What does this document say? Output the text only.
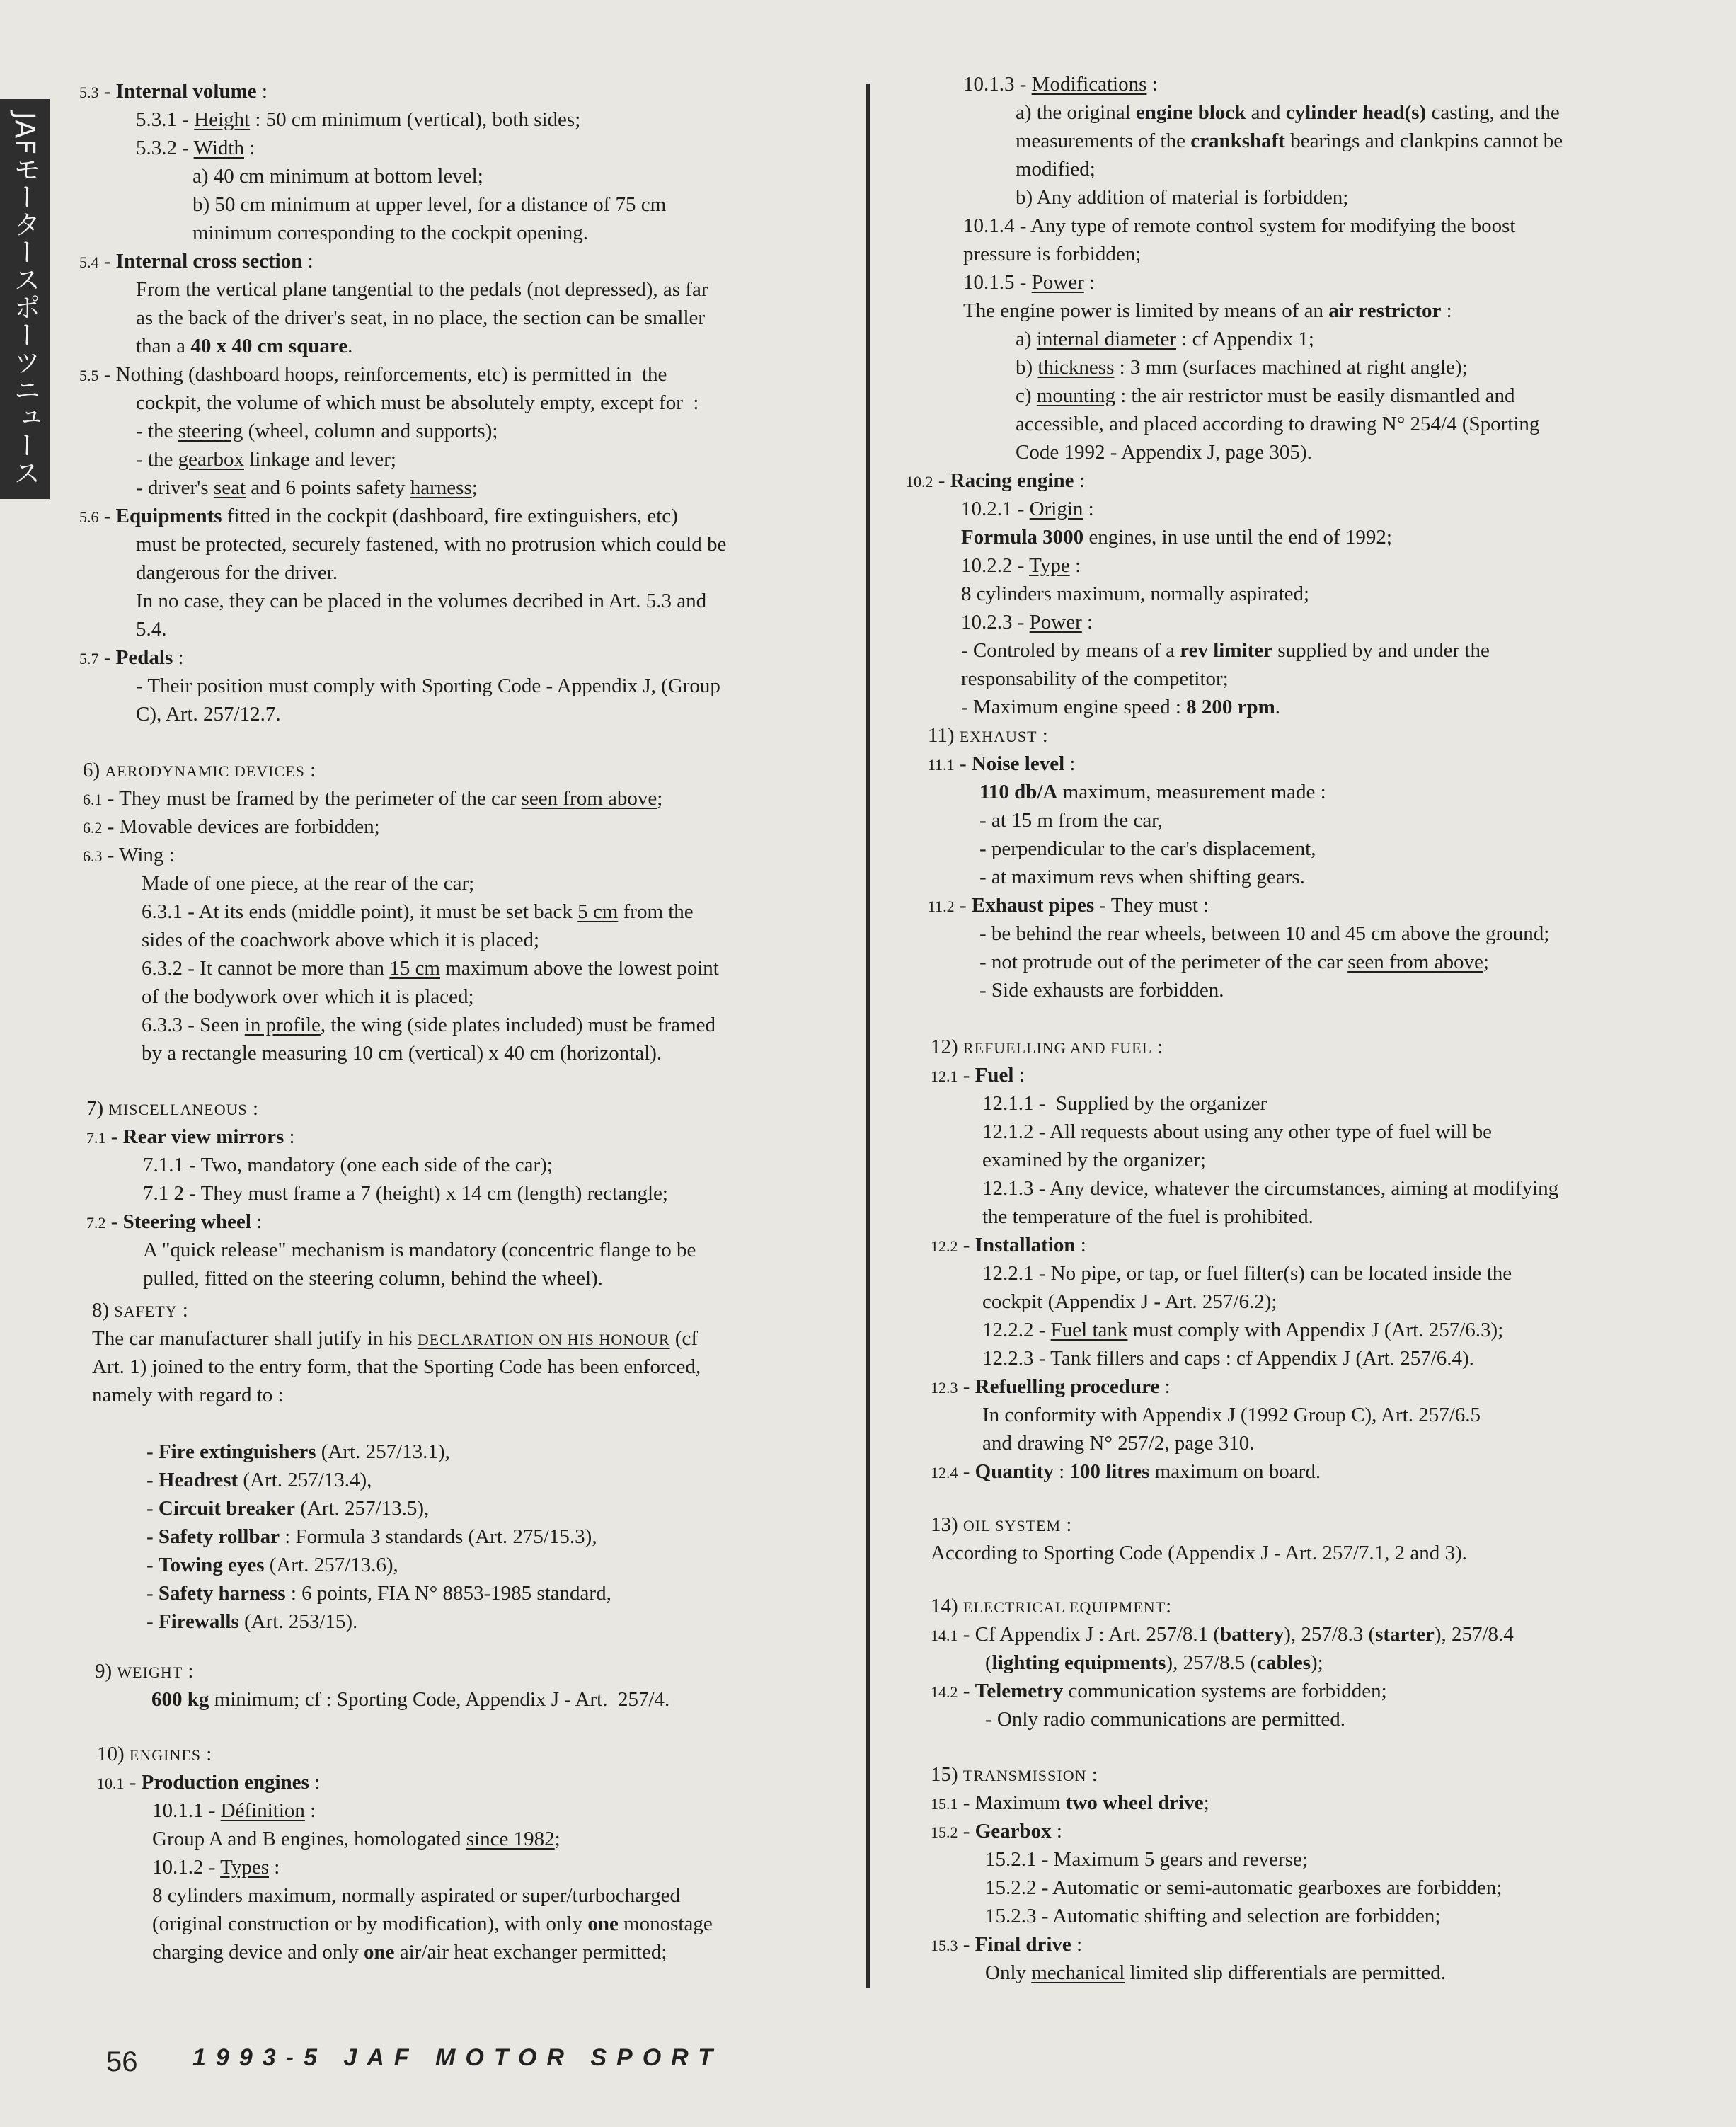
JAFモータースポーツニュース
5.3 - Internal volume :
5.3.1 - Height : 50 cm minimum (vertical), both sides;
5.3.2 - Width :
a) 40 cm minimum at bottom level;
b) 50 cm minimum at upper level, for a distance of 75 cm
minimum corresponding to the cockpit opening.
5.4 - Internal cross section :
From the vertical plane tangential to the pedals (not depressed), as far
as the back of the driver's seat, in no place, the section can be smaller
than a 40 x 40 cm square.
5.5 - Nothing (dashboard hoops, reinforcements, etc) is permitted in  the
cockpit, the volume of which must be absolutely empty, except for  :
- the steering (wheel, column and supports);
- the gearbox linkage and lever;
- driver's seat and 6 points safety harness;
5.6 - Equipments fitted in the cockpit (dashboard, fire extinguishers, etc)
must be protected, securely fastened, with no protrusion which could be
dangerous for the driver.
In no case, they can be placed in the volumes decribed in Art. 5.3 and
5.4.
5.7 - Pedals :
- Their position must comply with Sporting Code - Appendix J, (Group
C), Art. 257/12.7.
6) AERODYNAMIC DEVICES :
6.1 - They must be framed by the perimeter of the car seen from above;
6.2 - Movable devices are forbidden;
6.3 - Wing :
Made of one piece, at the rear of the car;
6.3.1 - At its ends (middle point), it must be set back 5 cm from the
sides of the coachwork above which it is placed;
6.3.2 - It cannot be more than 15 cm maximum above the lowest point
of the bodywork over which it is placed;
6.3.3 - Seen in profile, the wing (side plates included) must be framed
by a rectangle measuring 10 cm (vertical) x 40 cm (horizontal).
7) MISCELLANEOUS :
7.1 - Rear view mirrors :
7.1.1 - Two, mandatory (one each side of the car);
7.1 2 - They must frame a 7 (height) x 14 cm (length) rectangle;
7.2 - Steering wheel :
A "quick release" mechanism is mandatory (concentric flange to be
pulled, fitted on the steering column, behind the wheel).
8) SAFETY :
The car manufacturer shall jutify in his DECLARATION ON HIS HONOUR (cf
Art. 1) joined to the entry form, that the Sporting Code has been enforced,
namely with regard to :
- Fire extinguishers (Art. 257/13.1),
- Headrest (Art. 257/13.4),
- Circuit breaker (Art. 257/13.5),
- Safety rollbar : Formula 3 standards (Art. 275/15.3),
- Towing eyes (Art. 257/13.6),
- Safety harness : 6 points, FIA N° 8853-1985 standard,
- Firewalls (Art. 253/15).
9) WEIGHT :
600 kg minimum; cf : Sporting Code, Appendix J - Art.  257/4.
10) ENGINES :
10.1 - Production engines :
10.1.1 - Définition :
Group A and B engines, homologated since 1982;
10.1.2 - Types :
8 cylinders maximum, normally aspirated or super/turbocharged
(original construction or by modification), with only one monostage
charging device and only one air/air heat exchanger permitted;
10.1.3 - Modifications :
a) the original engine block and cylinder head(s) casting, and the
measurements of the crankshaft bearings and clankpins cannot be
modified;
b) Any addition of material is forbidden;
10.1.4 - Any type of remote control system for modifying the boost
pressure is forbidden;
10.1.5 - Power :
The engine power is limited by means of an air restrictor :
a) internal diameter : cf Appendix 1;
b) thickness : 3 mm (surfaces machined at right angle);
c) mounting : the air restrictor must be easily dismantled and
accessible, and placed according to drawing N° 254/4 (Sporting
Code 1992 - Appendix J, page 305).
10.2 - Racing engine :
10.2.1 - Origin :
Formula 3000 engines, in use until the end of 1992;
10.2.2 - Type :
8 cylinders maximum, normally aspirated;
10.2.3 - Power :
- Controled by means of a rev limiter supplied by and under the
responsability of the competitor;
- Maximum engine speed : 8 200 rpm.
11) EXHAUST :
11.1 - Noise level :
110 db/A maximum, measurement made :
- at 15 m from the car,
- perpendicular to the car's displacement,
- at maximum revs when shifting gears.
11.2 - Exhaust pipes - They must :
- be behind the rear wheels, between 10 and 45 cm above the ground;
- not protrude out of the perimeter of the car seen from above;
- Side exhausts are forbidden.
12) REFUELLING AND FUEL :
12.1 - Fuel :
12.1.1 -  Supplied by the organizer
12.1.2 - All requests about using any other type of fuel will be
examined by the organizer;
12.1.3 - Any device, whatever the circumstances, aiming at modifying
the temperature of the fuel is prohibited.
12.2 - Installation :
12.2.1 - No pipe, or tap, or fuel filter(s) can be located inside the
cockpit (Appendix J - Art. 257/6.2);
12.2.2 - Fuel tank must comply with Appendix J (Art. 257/6.3);
12.2.3 - Tank fillers and caps : cf Appendix J (Art. 257/6.4).
12.3 - Refuelling procedure :
In conformity with Appendix J (1992 Group C), Art. 257/6.5
and drawing N° 257/2, page 310.
12.4 - Quantity : 100 litres maximum on board.
13) OIL SYSTEM :
According to Sporting Code (Appendix J - Art. 257/7.1, 2 and 3).
14) ELECTRICAL EQUIPMENT:
14.1 - Cf Appendix J : Art. 257/8.1 (battery), 257/8.3 (starter), 257/8.4
(lighting equipments), 257/8.5 (cables);
14.2 - Telemetry communication systems are forbidden;
- Only radio communications are permitted.
15) TRANSMISSION :
15.1 - Maximum two wheel drive;
15.2 - Gearbox :
15.2.1 - Maximum 5 gears and reverse;
15.2.2 - Automatic or semi-automatic gearboxes are forbidden;
15.2.3 - Automatic shifting and selection are forbidden;
15.3 - Final drive :
Only mechanical limited slip differentials are permitted.
56 1993-5 JAF MOTOR SPORT
